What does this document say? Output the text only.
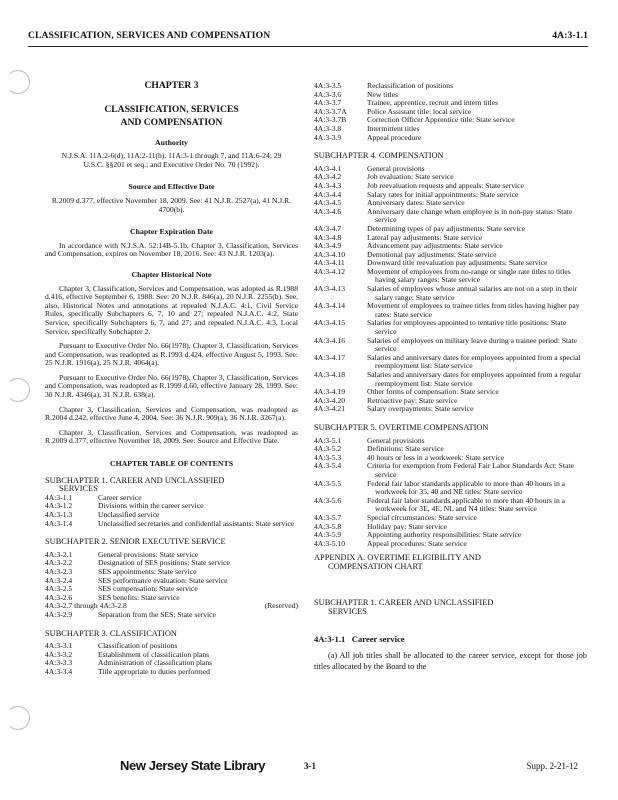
CLASSIFICATION, SERVICES AND COMPENSATION	4A:3-1.1
CHAPTER 3
CLASSIFICATION, SERVICES
AND COMPENSATION
Authority
N.J.S.A. 11A:2-6(d), 11A:2-11(h), 11A:3-1 through 7, and 11A:6-24; 29 U.S.C. §§201 et seq.; and Executive Order No. 70 (1992).
Source and Effective Date
R.2009 d.377, effective November 18, 2009. See: 41 N.J.R. 2527(a), 41 N.J.R. 4700(b).
Chapter Expiration Date
In accordance with N.J.S.A. 52:14B-5.1b, Chapter 3, Classification, Services and Compensation, expires on November 18, 2016. See: 43 N.J.R. 1203(a).
Chapter Historical Note
Chapter 3, Classification, Services and Compensation, was adopted as R.1988 d.416, effective September 6, 1988. See: 20 N.J.R. 846(a), 20 N.J.R. 2255(b). See, also, Historical Notes and annotations at repealed N.J.A.C. 4:1, Civil Service Rules, specifically Subchapters 6, 7, 10 and 27; repealed N.J.A.C. 4:2, State Service, specifically Subchapters 6, 7, and 27; and repealed N.J.A.C. 4:3, Local Service, specifically Subchapter 2.
Pursuant to Executive Order No. 66(1978), Chapter 3, Classification, Services and Compensation, was readopted as R.1993 d.424, effective August 5, 1993. See: 25 N.J.R. 1916(a), 25 N.J.R. 4064(a).
Pursuant to Executive Order No. 66(1978), Chapter 3, Classification, Services and Compensation, was readopted as R.1999 d.60, effective January 28, 1999. See: 30 N.J.R. 4346(a), 31 N.J.R. 638(a).
Chapter 3, Classification, Services and Compensation, was readopted as R.2004 d.242, effective June 4, 2004. See: 36 N.J.R. 909(a), 36 N.J.R. 3267(a).
Chapter 3, Classification, Services and Compensation, was readopted as R.2009 d.377, effective November 18, 2009. See: Source and Effective Date.
CHAPTER TABLE OF CONTENTS
SUBCHAPTER 1. CAREER AND UNCLASSIFIED
SERVICES
4A:3-1.1	Career service
4A:3-1.2	Divisions within the career service
4A:3-1.3	Unclassified service
4A:3-1.4	Unclassified secretaries and confidential assistants: State service
SUBCHAPTER 2. SENIOR EXECUTIVE SERVICE
4A:3-2.1	General provisions: State service
4A:3-2.2	Designation of SES positions: State service
4A:3-2.3	SES appointments: State service
4A:3-2.4	SES performance evaluation: State service
4A:3-2.5	SES compensation: State service
4A:3-2.6	SES benefits: State service
4A:3-2.7 through 4A:3-2.8	(Reserved)
4A:3-2.9	Separation from the SES: State service
SUBCHAPTER 3. CLASSIFICATION
4A:3-3.1	Classification of positions
4A:3-3.2	Establishment of classification plans
4A:3-3.3	Administration of classification plans
4A:3-3.4	Title appropriate to duties performed
4A:3-3.5	Reclassification of positions
4A:3-3.6	New titles
4A:3-3.7	Trainee, apprentice, recruit and intern titles
4A:3-3.7A	Police Assistant title: local service
4A:3-3.7B	Correction Officer Apprentice title: State service
4A:3-3.8	Intermittent titles
4A:3-3.9	Appeal procedure
SUBCHAPTER 4. COMPENSATION
4A:3-4.1	General provisions
4A:3-4.2	Job evaluation: State service
4A:3-4.3	Job reevaluation requests and appeals: State service
4A:3-4.4	Salary rates for initial appointments: State service
4A:3-4.5	Anniversary dates: State service
4A:3-4.6	Anniversary date change when employee is in non-pay status: State service
4A:3-4.7	Determining types of pay adjustments: State service
4A:3-4.8	Lateral pay adjustments: State service
4A:3-4.9	Advancement pay adjustments: State service
4A:3-4.10	Demotional pay adjustments: State service
4A:3-4.11	Downward title reevaluation pay adjustments: State service
4A:3-4.12	Movement of employees from no-range or single rate titles to titles having salary ranges: State service
4A:3-4.13	Salaries of employees whose annual salaries are not on a step in their salary range: State service
4A:3-4.14	Movement of employees to trainee titles from titles having higher pay rates: State service
4A:3-4.15	Salaries for employees appointed to tentative title positions: State service
4A:3-4.16	Salaries of employees on military leave during a trainee period: State service
4A:3-4.17	Salaries and anniversary dates for employees appointed from a special reemployment list: State service
4A:3-4.18	Salaries and anniversary dates for employees appointed from a regular reemployment list: State service
4A:3-4.19	Other forms of compensation: State service
4A:3-4.20	Retroactive pay: State service
4A:3-4.21	Salary overpayments: State service
SUBCHAPTER 5. OVERTIME COMPENSATION
4A:3-5.1	General provisions
4A:3-5.2	Definitions: State service
4A:3-5.3	40 hours or less in a workweek: State service
4A:3-5.4	Criteria for exemption from Federal Fair Labor Standards Act: State service
4A:3-5.5	Federal fair labor standards applicable to more than 40 hours in a workweek for 35, 40 and NE titles: State service
4A:3-5.6	Federal fair labor standards applicable to more than 40 hours in a workweek for 3E, 4E, NL and N4 titles: State service
4A:3-5.7	Special circumstances: State service
4A:3-5.8	Holiday pay: State service
4A:3-5.9	Appointing authority responsibilities: State service
4A:3-5.10	Appeal procedures: State service
APPENDIX A. OVERTIME ELIGIBILITY AND
COMPENSATION CHART
SUBCHAPTER 1. CAREER AND UNCLASSIFIED
SERVICES
4A:3-1.1 Career service
(a) All job titles shall be allocated to the career service, except for those job titles allocated by the Board to the
New Jersey State Library	3-1	Supp. 2-21-12
